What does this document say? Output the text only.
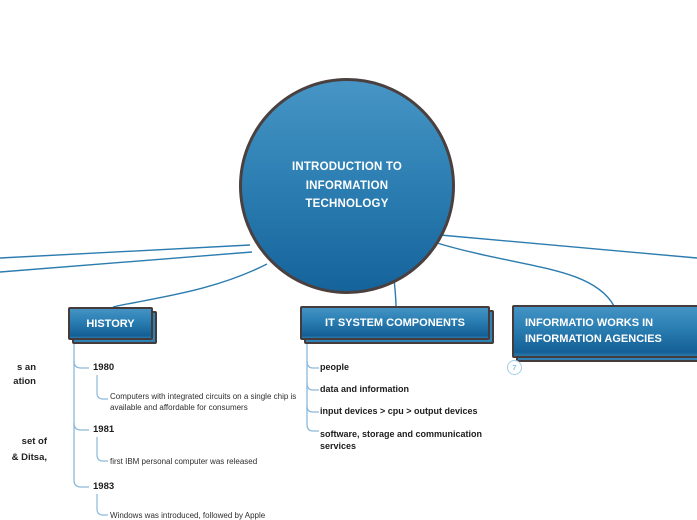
INTRODUCTION TO INFORMATION TECHNOLOGY
HISTORY
1980
Computers with integrated circuits on a single chip is available and affordable for consumers
1981
first IBM personal computer was released
1983
Windows was introduced, followed by Apple
IT SYSTEM COMPONENTS
people
data and information
input devices > cpu > output devices
software, storage and communication services
INFORMATIO WORKS IN INFORMATION AGENCIES
7
s an
ation
set of
& Ditsa,
